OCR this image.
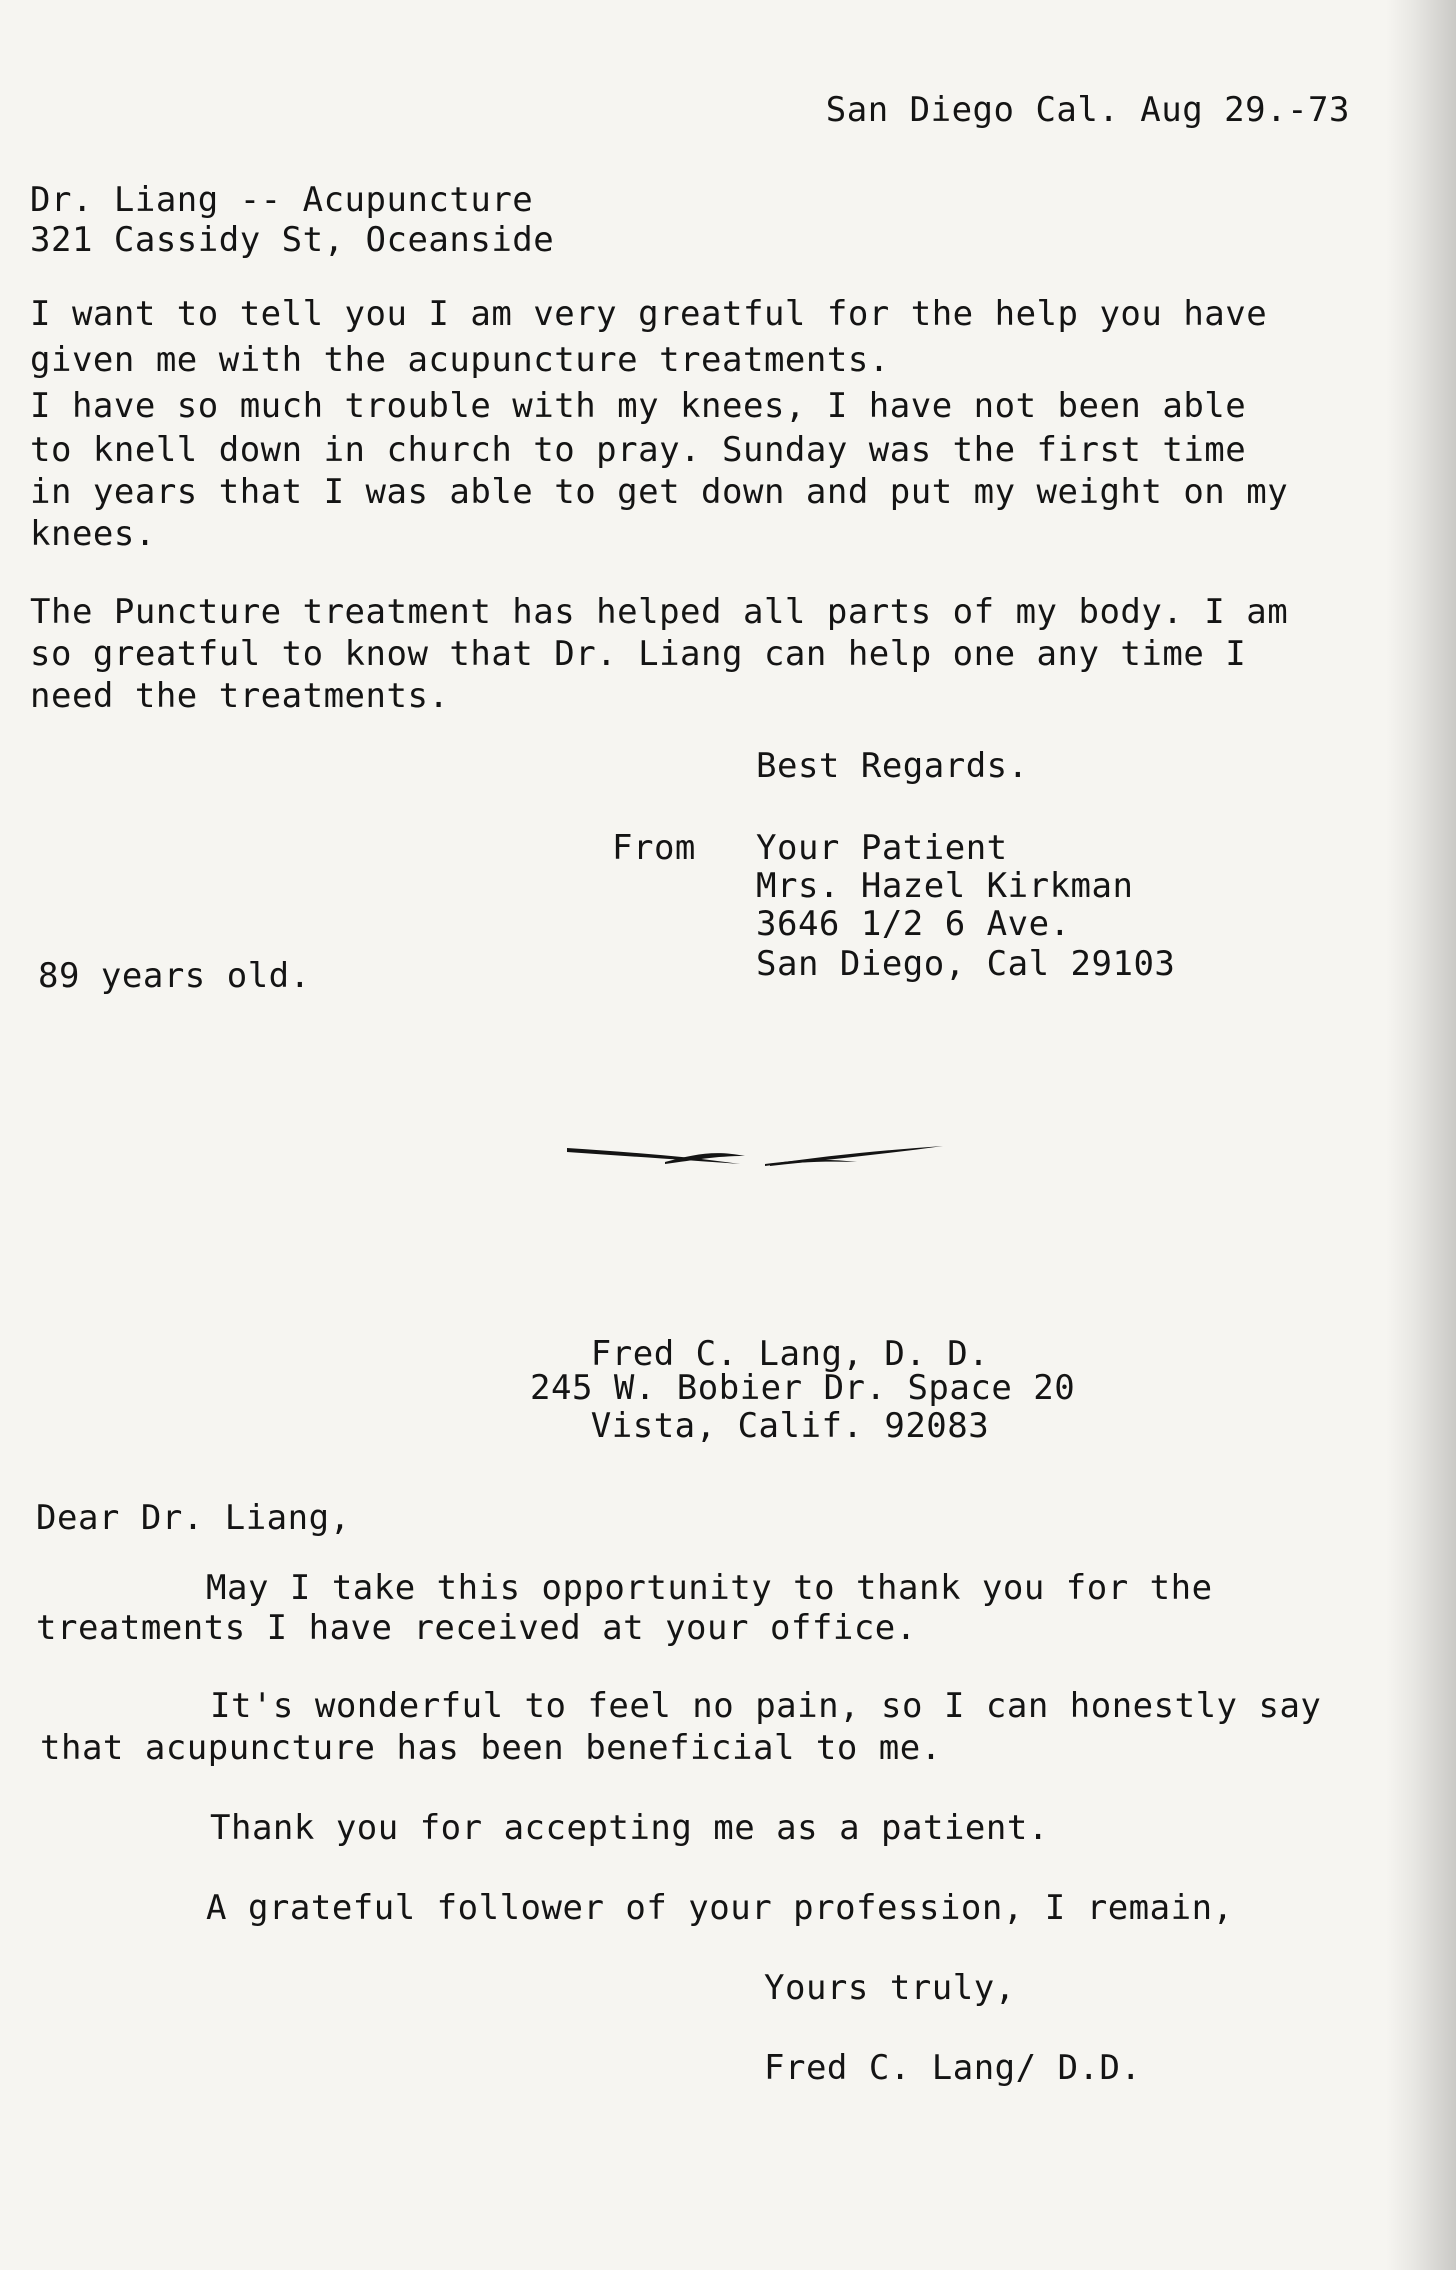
San Diego Cal. Aug 29.-73
Dr. Liang -- Acupuncture
321 Cassidy St, Oceanside
I want to tell you I am very greatful for the help you have
given me with the acupuncture treatments.
I have so much trouble with my knees, I have not been able
to knell down in church to pray. Sunday was the first time
in years that I was able to get down and put my weight on my
knees.
The Puncture treatment has helped all parts of my body. I am
so greatful to know that Dr. Liang can help one any time I
need the treatments.
Best Regards.
From Your Patient
Mrs. Hazel Kirkman
3646 1/2 6 Ave.
San Diego, Cal 29103
89 years old.
Fred C. Lang, D. D.
245 W. Bobier Dr. Space 20
Vista, Calif. 92083
Dear Dr. Liang,
May I take this opportunity to thank you for the
treatments I have received at your office.
It's wonderful to feel no pain, so I can honestly say
that acupuncture has been beneficial to me.
Thank you for accepting me as a patient.
A grateful follower of your profession, I remain,
Yours truly,
Fred C. Lang/ D.D.
